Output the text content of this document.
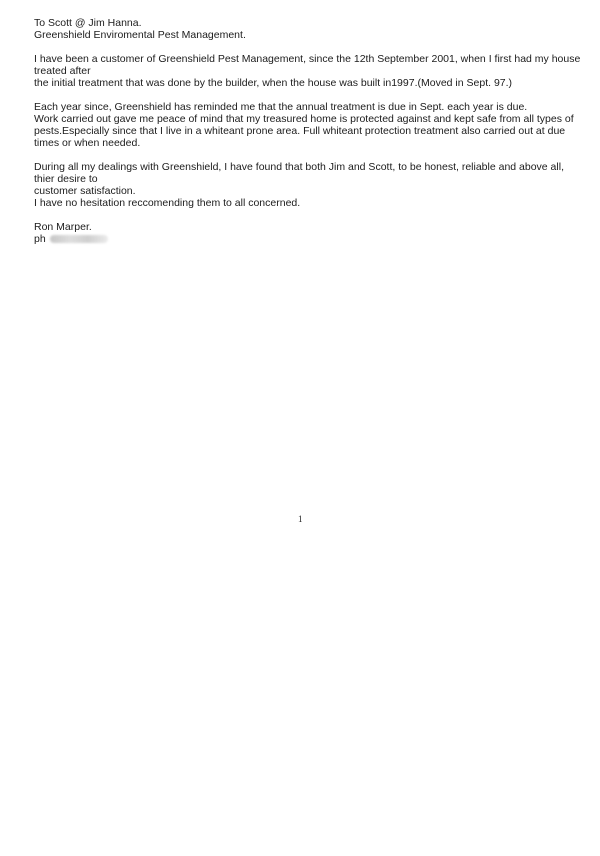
To Scott @ Jim Hanna.
Greenshield Enviromental Pest Management.
I have been a customer of Greenshield Pest Management, since the 12th September 2001, when I first had my house
treated after
the initial treatment that was done by the builder, when the house was built in1997.(Moved in Sept. 97.)
Each year since, Greenshield has reminded me that the annual treatment is due in Sept. each year is due.
Work carried out gave me peace of mind that my treasured home is protected against and kept safe from all types of
pests.Especially since that I live in a whiteant prone area. Full whiteant protection treatment also carried out at due
times or when needed.
During all my dealings with Greenshield, I have found that both Jim and Scott, to be honest, reliable and above all,
thier desire to
customer satisfaction.
I have no hesitation reccomending them to all concerned.
Ron Marper.
ph
1
